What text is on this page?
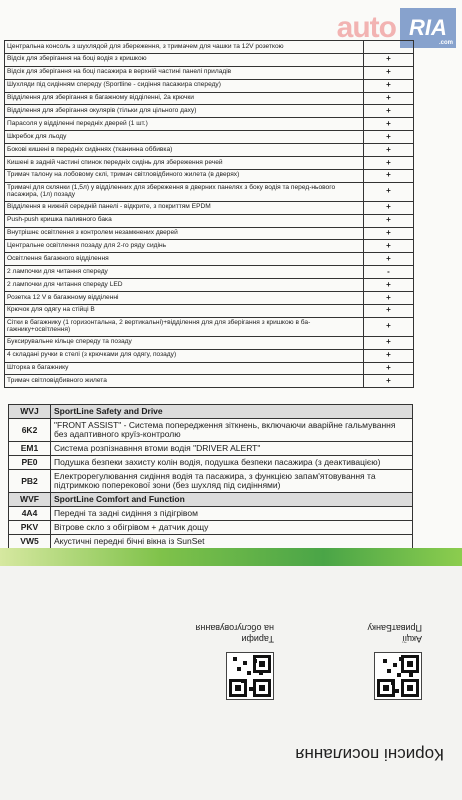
auto RIA
.com
Центральна консоль з шухлядой для збереження, з тримачем для чашки та 12V розеткою	
Відсік для зберігання на боці водія з кришкою	+
Відсік для зберігання на боці пасажира в верхній частині панелі приладів	+
Шухляди під сидінням спереду (Sportline - сидіння пасажира спереду)	+
Відділення для зберігання в багажному відділенні, 2а крючки	+
Відділення для зберігання окулярів (тільки для цільного даху)	+
Парасоля у відділенні передніх дверей (1 шт.)	+
Шкребок для льоду	+
Бокові кишені в передніх сидіннях (тканинна оббивка)	+
Кишені в задній частині спинок передніх сидінь для збереження речей	+
Тримач талону на лобовому склі, тримач світловідбиного жилета (в дверях)	+
Тримачі для склянки (1,5л) у відділенних для збереження в дверних панелях з боку водія та перед-ньового пасажира, (1л) позаду	+
Відділення в нижній середній панелі - відкрите, з покриттям EPDM	+
Push-push кришка паливного бака	+
Внутрішнє освітлення з контролем незамкнених дверей	+
Центральне освітлення позаду для 2-го ряду сидінь	+
Освітлення багажного відділення	+
2 лампочки для читання спереду	-
2 лампочки для читання спереду LED	+
Розетка 12 V в багажному відділенні	+
Крючок для одягу на стійці B	+
Сітки в багажнику (1 горизонтальна, 2 вертикальні)+відділення для для зберігання з кришкою в ба-гажнику+освітлення)	+
Буксирувальне кільце спереду та позаду	+
4 складані ручки в стелі (з крючками для одягу, позаду)	+
Шторка в багажнику	+
Тримач світловідбивного жилета	+
WVJ	SportLine Safety and Drive
6K2	"FRONT ASSIST" - Система попередження зіткнень, включаючи аварійне гальмування без адаптивного круїз-контролю
EM1	Система розпізнавння втоми водія "DRIVER ALERT"
PE0	Подушка безпеки захисту колін водія, подушка безпеки пасажира (з деактивацією)
PB2	Електрорегулювання сидіння водія та пасажира, з функцією запам'ятовування та підтримкою поперекової зони (без шухляд під сидіннями)
WVF	SportLine Comfort and Function
4A4	Передні та задні сидіння з підігрівом
PKV	Вітрове скло з обігрівом + датчик дощу
VW5	Акустичні передні бічні вікна із SunSet
Корисні посилання
Акції
ПриватБанку
Тарифи
на обслуговування
